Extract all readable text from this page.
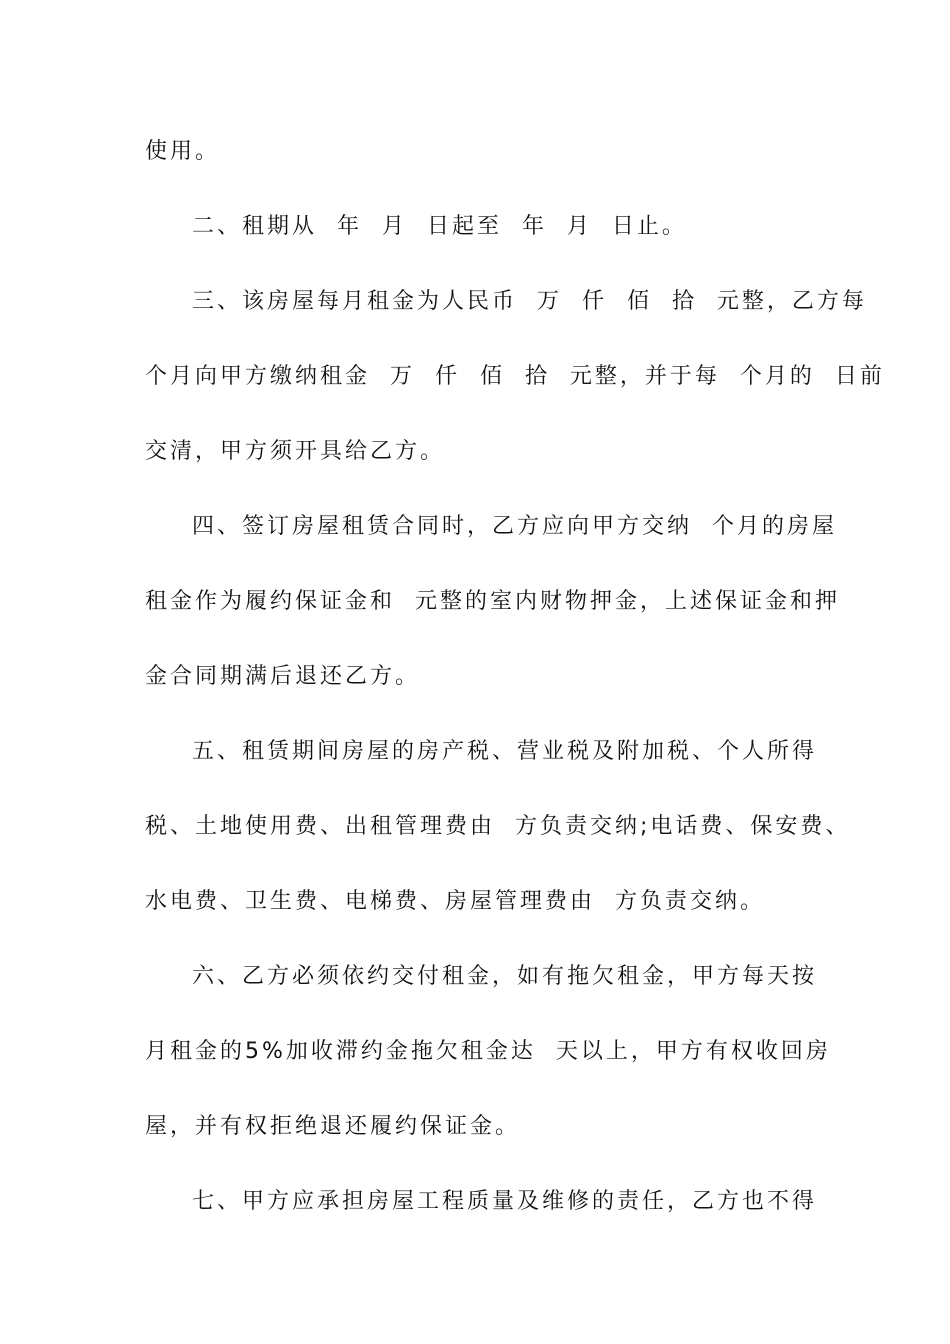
使用。
二、租期从  年  月  日起至  年  月  日止。
三、该房屋每月租金为人民币  万  仟  佰  拾  元整，乙方每
个月向甲方缴纳租金  万  仟  佰  拾  元整，并于每  个月的  日前
交清，甲方须开具给乙方。
四、签订房屋租赁合同时，乙方应向甲方交纳  个月的房屋
租金作为履约保证金和  元整的室内财物押金，上述保证金和押
金合同期满后退还乙方。
五、租赁期间房屋的房产税、营业税及附加税、个人所得
税、土地使用费、出租管理费由  方负责交纳;电话费、保安费、
水电费、卫生费、电梯费、房屋管理费由  方负责交纳。
六、乙方必须依约交付租金，如有拖欠租金，甲方每天按
月租金的5%加收滞约金拖欠租金达  天以上，甲方有权收回房
屋，并有权拒绝退还履约保证金。
七、甲方应承担房屋工程质量及维修的责任，乙方也不得
